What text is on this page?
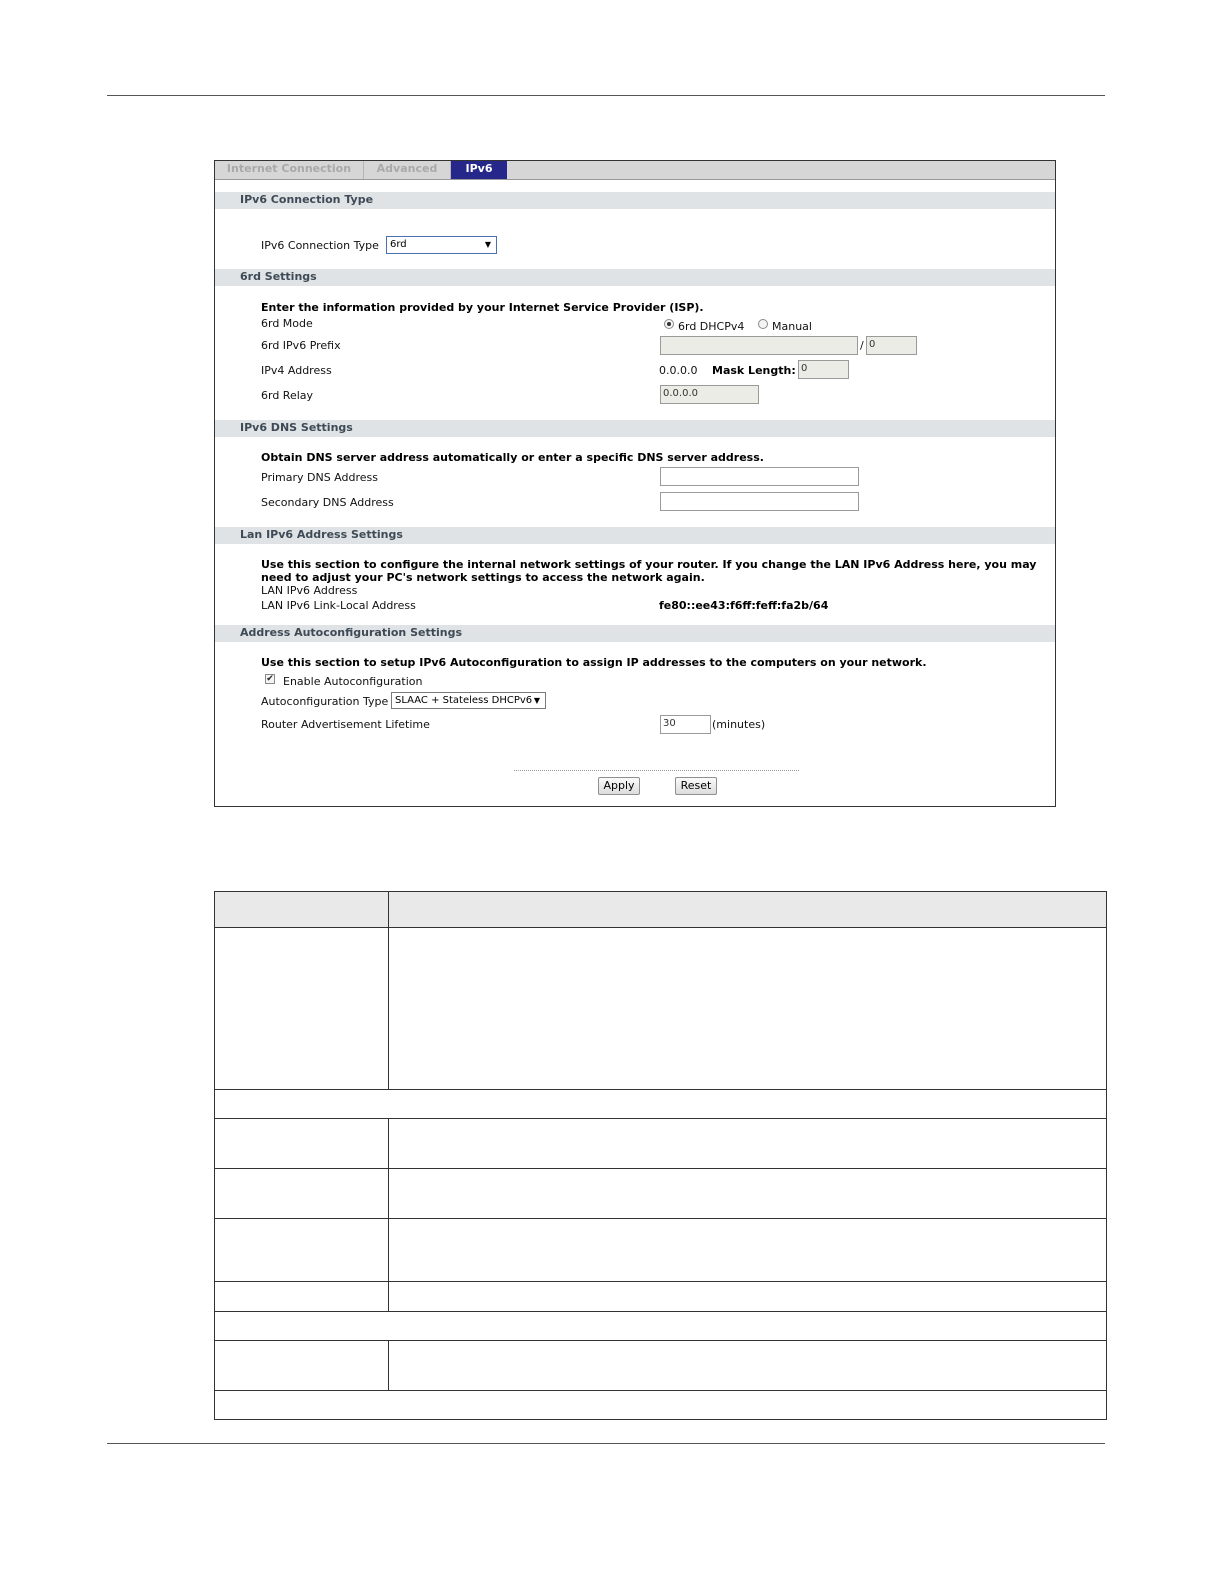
Internet Connection	Advanced	IPv6
IPv6 Connection Type
IPv6 Connection Type	6rd	▼
6rd Settings
Enter the information provided by your Internet Service Provider (ISP).
6rd Mode	6rd DHCPv4	Manual
6rd IPv6 Prefix	/ 0
IPv4 Address	0.0.0.0 Mask Length: 0
6rd Relay	0.0.0.0
IPv6 DNS Settings
Obtain DNS server address automatically or enter a specific DNS server address.
Primary DNS Address
Secondary DNS Address
Lan IPv6 Address Settings
Use this section to configure the internal network settings of your router. If you change the LAN IPv6 Address here, you may
need to adjust your PC's network settings to access the network again.
LAN IPv6 Address
LAN IPv6 Link-Local Address	fe80::ee43:f6ff:feff:fa2b/64
Address Autoconfiguration Settings
Use this section to setup IPv6 Autoconfiguration to assign IP addresses to the computers on your network.
✔ Enable Autoconfiguration
Autoconfiguration Type SLAAC + Stateless DHCPv6 ▼
Router Advertisement Lifetime	30	(minutes)
Apply	Reset
